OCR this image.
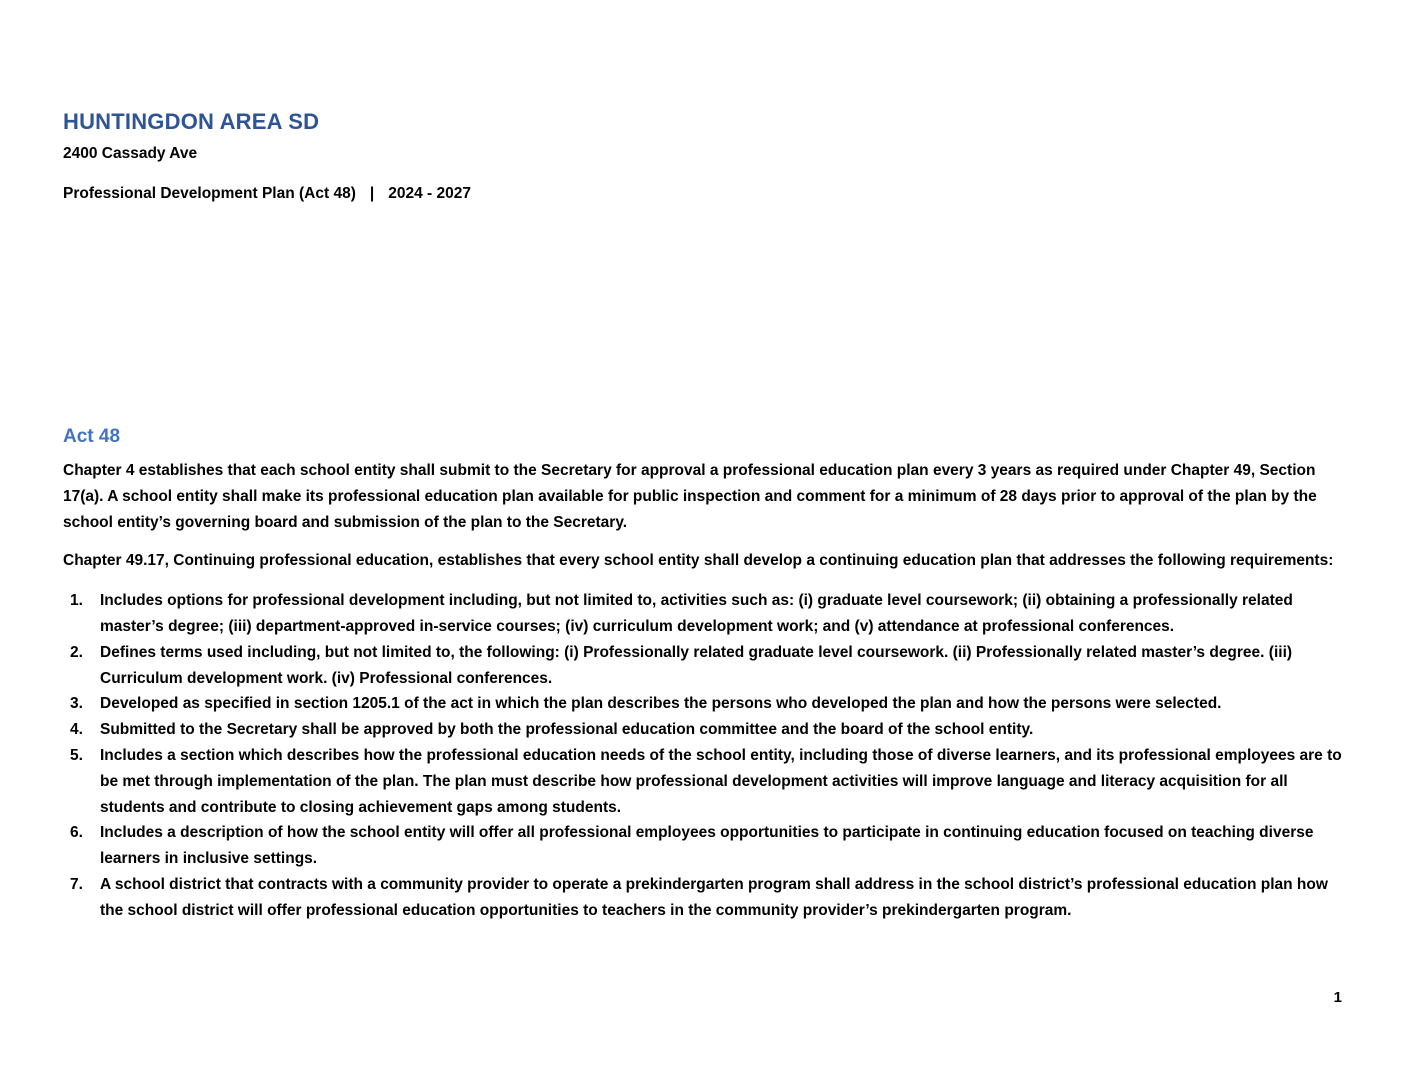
HUNTINGDON AREA SD
2400 Cassady Ave
Professional Development Plan (Act 48) | 2024 - 2027
Act 48
Chapter 4 establishes that each school entity shall submit to the Secretary for approval a professional education plan every 3 years as required under Chapter 49, Section 17(a). A school entity shall make its professional education plan available for public inspection and comment for a minimum of 28 days prior to approval of the plan by the school entity’s governing board and submission of the plan to the Secretary.
Chapter 49.17, Continuing professional education, establishes that every school entity shall develop a continuing education plan that addresses the following requirements:
1.	Includes options for professional development including, but not limited to, activities such as: (i) graduate level coursework; (ii) obtaining a professionally related master’s degree; (iii) department-approved in-service courses; (iv) curriculum development work; and (v) attendance at professional conferences.
2.	Defines terms used including, but not limited to, the following: (i) Professionally related graduate level coursework. (ii) Professionally related master’s degree. (iii) Curriculum development work. (iv) Professional conferences.
3.	Developed as specified in section 1205.1 of the act in which the plan describes the persons who developed the plan and how the persons were selected.
4.	Submitted to the Secretary shall be approved by both the professional education committee and the board of the school entity.
5.	Includes a section which describes how the professional education needs of the school entity, including those of diverse learners, and its professional employees are to be met through implementation of the plan. The plan must describe how professional development activities will improve language and literacy acquisition for all students and contribute to closing achievement gaps among students.
6.	Includes a description of how the school entity will offer all professional employees opportunities to participate in continuing education focused on teaching diverse learners in inclusive settings.
7.	A school district that contracts with a community provider to operate a prekindergarten program shall address in the school district’s professional education plan how the school district will offer professional education opportunities to teachers in the community provider’s prekindergarten program.
1
